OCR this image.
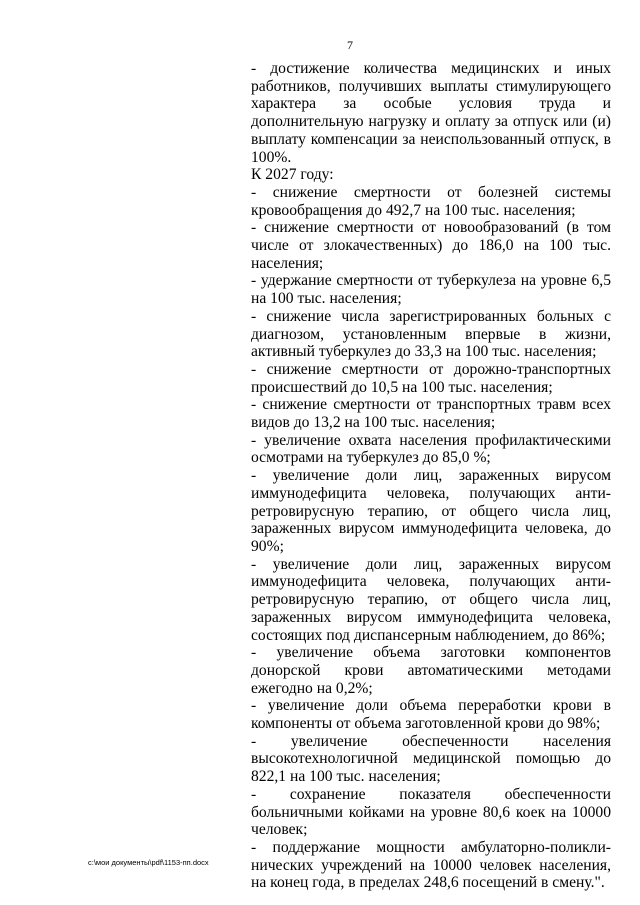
7

- достижение количества медицинских и иных работников, получивших выплаты стимулирующего характера за особые условия труда и дополнительную нагрузку и оплату за отпуск или (и) выплату компенсации за неиспользованный отпуск, в 100%.

К 2027 году:

- снижение смертности от болезней системы кровообращения до 492,7 на 100 тыс. населения;

- снижение смертности от новообразований (в том числе от злокачественных) до 186,0 на 100 тыс. населения;

- удержание смертности от туберкулеза на уровне 6,5 на 100 тыс. населения;

- снижение числа зарегистрированных больных с диагнозом, установленным впервые в жизни, активный туберкулез до 33,3 на 100 тыс. населения;

- снижение смертности от дорожно-транспортных происшествий до 10,5 на 100 тыс. населения;

- снижение смертности от транспортных травм всех видов до 13,2 на 100 тыс. населения;

- увеличение охвата населения профилактическими осмотрами на туберкулез до 85,0 %;

- увеличение доли лиц, зараженных вирусом иммунодефицита человека, получающих анти-ретровирусную терапию, от общего числа лиц, зараженных вирусом иммунодефицита человека, до 90%;

- увеличение доли лиц, зараженных вирусом иммунодефицита человека, получающих анти-ретровирусную терапию, от общего числа лиц, зараженных вирусом иммунодефицита человека, состоящих под диспансерным наблюдением, до 86%;

- увеличение объема заготовки компонентов донорской крови автоматическими методами ежегодно на 0,2%;

- увеличение доли объема переработки крови в компоненты от объема заготовленной крови до 98%;

- увеличение обеспеченности населения высокотехнологичной медицинской помощью до 822,1 на 100 тыс. населения;

- сохранение показателя обеспеченности больничными койками на уровне 80,6 коек на 10000 человек;

- поддержание мощности амбулаторно-поликли-нических учреждений на 10000 человек населения, на конец года, в пределах 248,6 посещений в смену.".

c:\мои документы\pdf\1153-пп.docx
